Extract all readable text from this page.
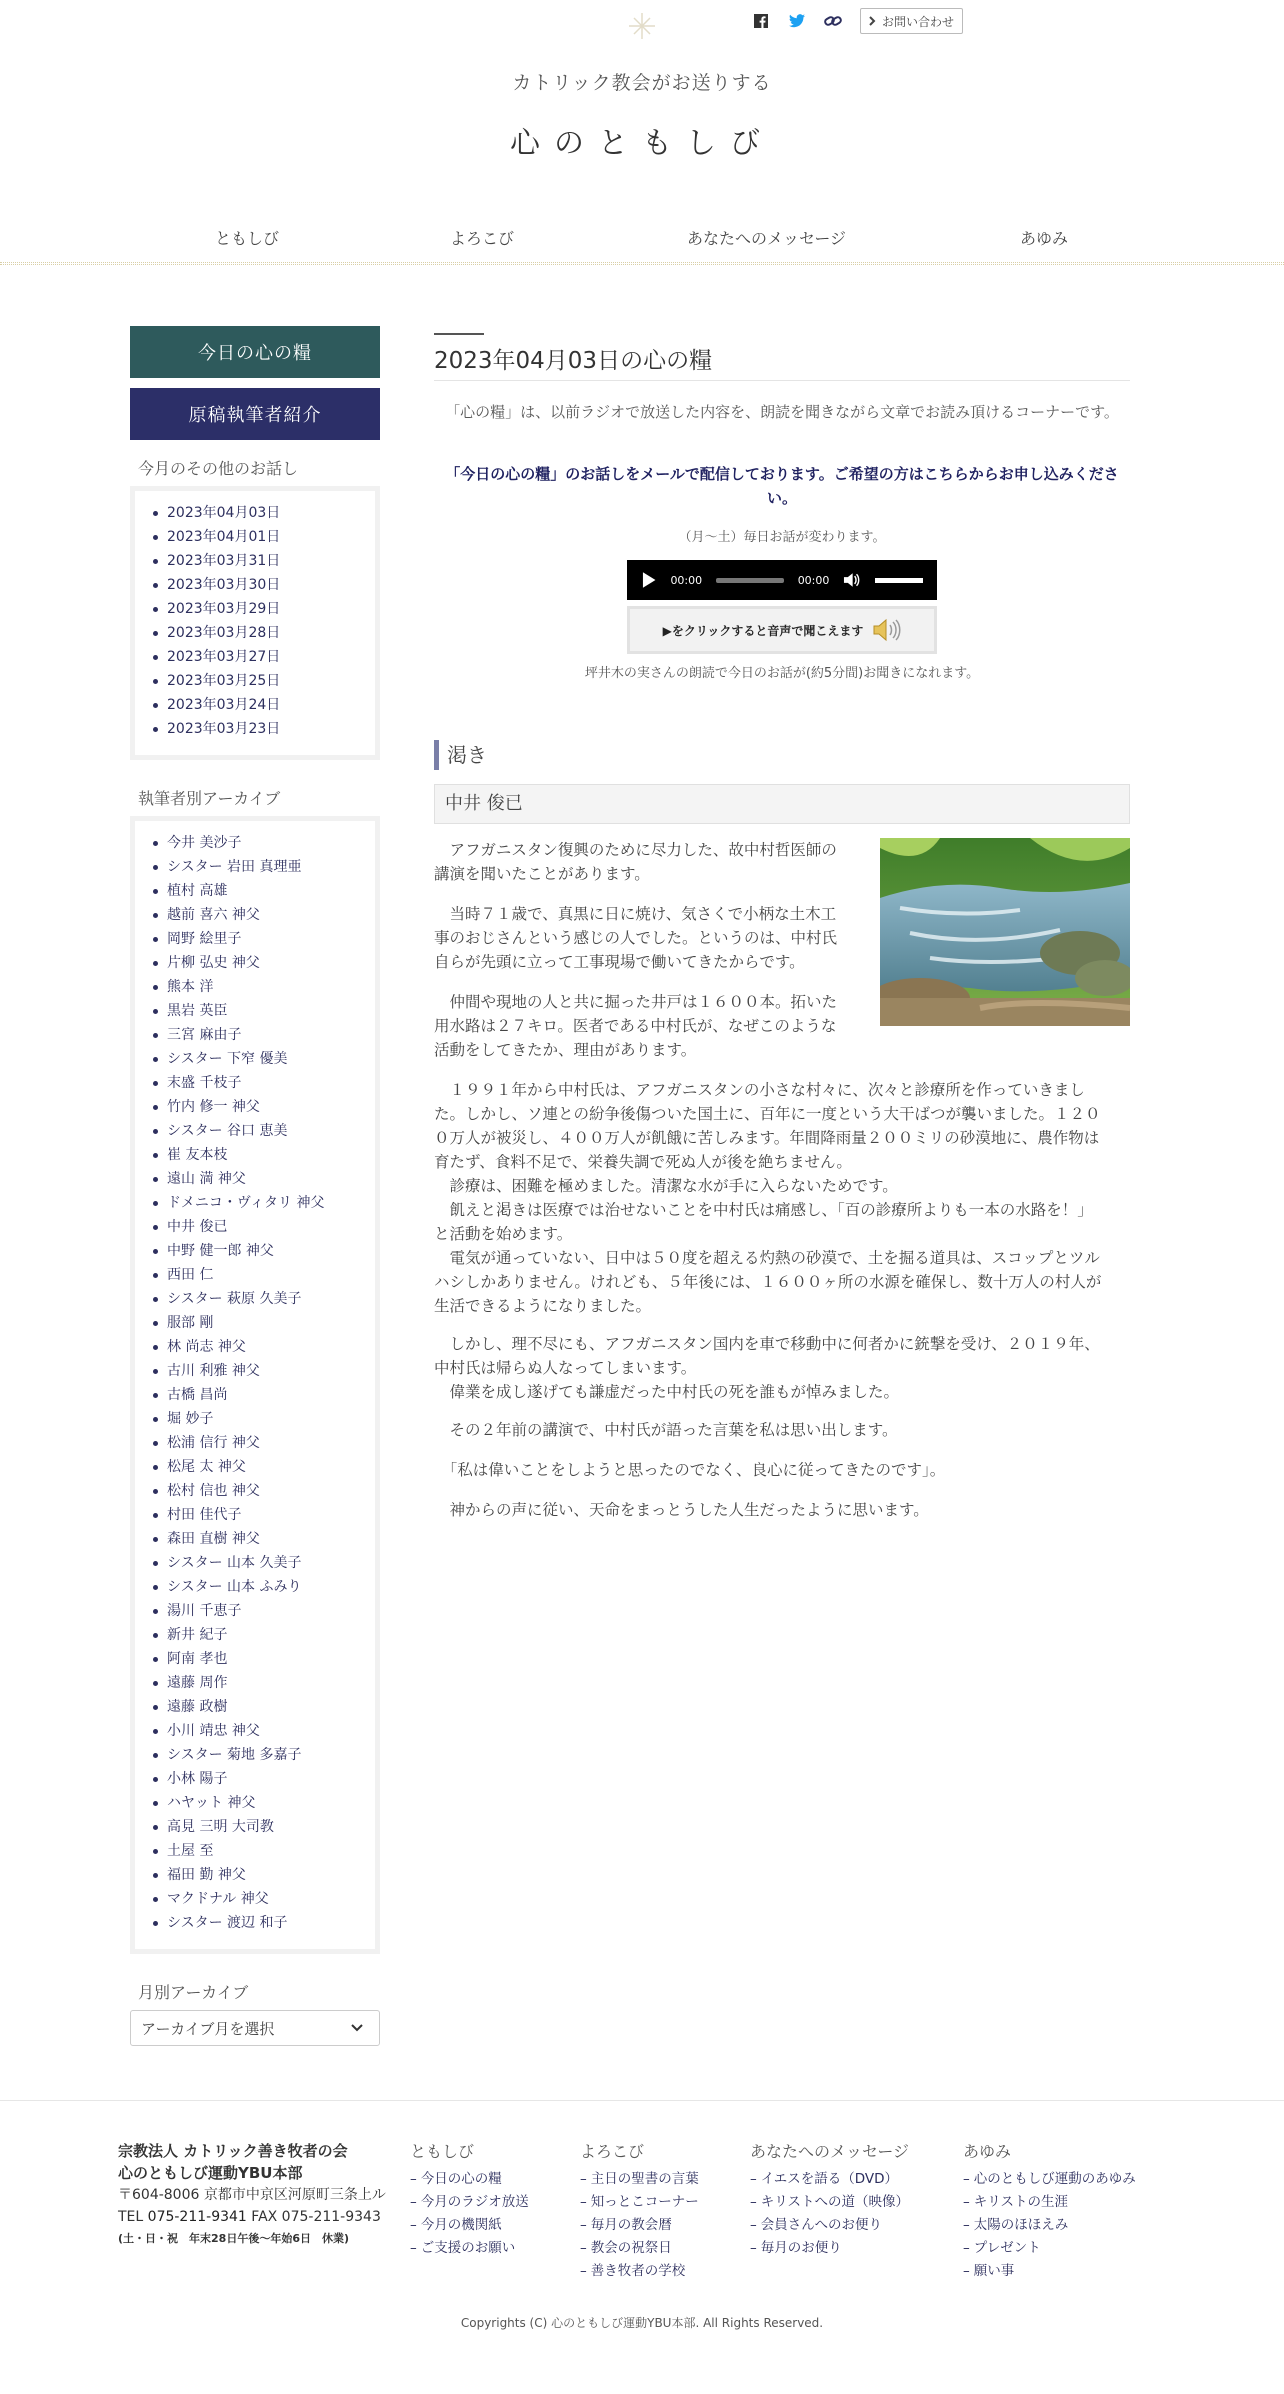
お問い合わせ
カトリック教会がお送りする
心のともしび
ともしび	よろこび	あなたへのメッセージ	あゆみ
今日の心の糧
原稿執筆者紹介
今月のその他のお話し
2023年04月03日
2023年04月01日
2023年03月31日
2023年03月30日
2023年03月29日
2023年03月28日
2023年03月27日
2023年03月25日
2023年03月24日
2023年03月23日
執筆者別アーカイブ
今井 美沙子
シスター 岩田 真理亜
植村 高雄
越前 喜六 神父
岡野 絵里子
片柳 弘史 神父
熊本 洋
黒岩 英臣
三宮 麻由子
シスター 下窄 優美
末盛 千枝子
竹内 修一 神父
シスター 谷口 恵美
崔 友本枝
遠山 満 神父
ドメニコ・ヴィタリ 神父
中井 俊已
中野 健一郎 神父
西田 仁
シスター 萩原 久美子
服部 剛
林 尚志 神父
古川 利雅 神父
古橋 昌尚
堀 妙子
松浦 信行 神父
松尾 太 神父
松村 信也 神父
村田 佳代子
森田 直樹 神父
シスター 山本 久美子
シスター 山本 ふみり
湯川 千恵子
新井 紀子
阿南 孝也
遠藤 周作
遠藤 政樹
小川 靖忠 神父
シスター 菊地 多嘉子
小林 陽子
ハヤット 神父
高見 三明 大司教
土屋 至
福田 勤 神父
マクドナル 神父
シスター 渡辺 和子
月別アーカイブ
アーカイブ月を選択
2023年04月03日の心の糧

「心の糧」は、以前ラジオで放送した内容を、朗読を聞きながら文章でお読み頂けるコーナーです。

「今日の心の糧」のお話しをメールで配信しております。ご希望の方はこちらからお申し込みください。

（月～土）毎日お話が変わります。

00:00	00:00
▶をクリックすると音声で聞こえます

坪井木の実さんの朗読で今日のお話が(約5分間)お聞きになれます。

渇き
中井 俊已
　アフガニスタン復興のために尽力した、故中村哲医師の
講演を聞いたことがあります。
　当時７１歳で、真黒に日に焼け、気さくで小柄な土木工
事のおじさんという感じの人でした。というのは、中村氏
自らが先頭に立って工事現場で働いてきたからです。
　仲間や現地の人と共に掘った井戸は１６００本。拓いた
用水路は２７キロ。医者である中村氏が、なぜこのような
活動をしてきたか、理由があります。
　１９９１年から中村氏は、アフガニスタンの小さな村々に、次々と診療所を作っていきまし
た。しかし、ソ連との紛争後傷ついた国土に、百年に一度という大干ばつが襲いました。１２０
０万人が被災し、４００万人が飢餓に苦しみます。年間降雨量２００ミリの砂漠地に、農作物は
育たず、食料不足で、栄養失調で死ぬ人が後を絶ちません。
　診療は、困難を極めました。清潔な水が手に入らないためです。
　飢えと渇きは医療では治せないことを中村氏は痛感し、「百の診療所よりも一本の水路を！」
と活動を始めます。
　電気が通っていない、日中は５０度を超える灼熱の砂漠で、土を掘る道具は、スコップとツル
ハシしかありません。けれども、５年後には、１６００ヶ所の水源を確保し、数十万人の村人が
生活できるようになりました。
　しかし、理不尽にも、アフガニスタン国内を車で移動中に何者かに銃撃を受け、２０１９年、
中村氏は帰らぬ人なってしまいます。
　偉業を成し遂げても謙虚だった中村氏の死を誰もが悼みました。
　その２年前の講演で、中村氏が語った言葉を私は思い出します。
　「私は偉いことをしようと思ったのでなく、良心に従ってきたのです」。
　神からの声に従い、天命をまっとうした人生だったように思います。
宗教法人 カトリック善き牧者の会
心のともしび運動YBU本部
〒604-8006 京都市中京区河原町三条上ル
TEL 075-211-9341 FAX 075-211-9343
(土・日・祝　年末28日午後〜年始6日　休業)
ともしび
– 今日の心の糧
– 今月のラジオ放送
– 今月の機関紙
– ご支援のお願い
よろこび
– 主日の聖書の言葉
– 知っとこコーナー
– 毎月の教会暦
– 教会の祝祭日
– 善き牧者の学校
あなたへのメッセージ
– イエスを語る（DVD）
– キリストへの道（映像）
– 会員さんへのお便り
– 毎月のお便り
あゆみ
– 心のともしび運動のあゆみ
– キリストの生涯
– 太陽のほほえみ
– プレゼント
– 願い事
Copyrights (C) 心のともしび運動YBU本部. All Rights Reserved.
